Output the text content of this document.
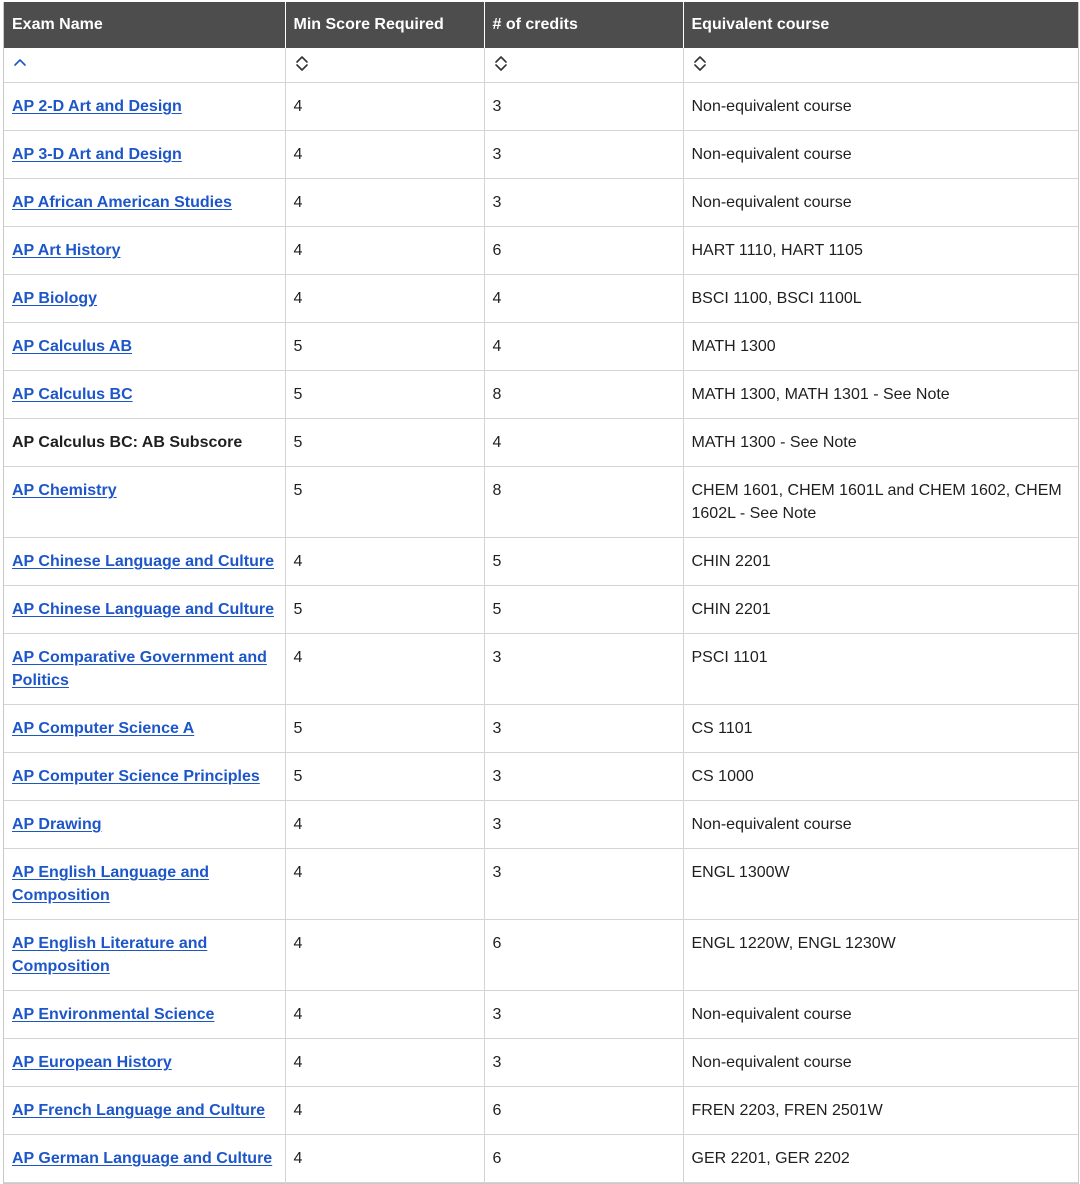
Exam Name	Min Score Required	# of credits	Equivalent course

AP 2-D Art and Design	4	3	Non-equivalent course
AP 3-D Art and Design	4	3	Non-equivalent course
AP African American Studies	4	3	Non-equivalent course
AP Art History	4	6	HART 1110, HART 1105
AP Biology	4	4	BSCI 1100, BSCI 1100L
AP Calculus AB	5	4	MATH 1300
AP Calculus BC	5	8	MATH 1300, MATH 1301 - See Note
AP Calculus BC: AB Subscore	5	4	MATH 1300 - See Note
AP Chemistry	5	8	CHEM 1601, CHEM 1601L and CHEM 1602, CHEM 1602L - See Note
AP Chinese Language and Culture	4	5	CHIN 2201
AP Chinese Language and Culture	5	5	CHIN 2201
AP Comparative Government and Politics	4	3	PSCI 1101
AP Computer Science A	5	3	CS 1101
AP Computer Science Principles	5	3	CS 1000
AP Drawing	4	3	Non-equivalent course
AP English Language and Composition	4	3	ENGL 1300W
AP English Literature and Composition	4	6	ENGL 1220W, ENGL 1230W
AP Environmental Science	4	3	Non-equivalent course
AP European History	4	3	Non-equivalent course
AP French Language and Culture	4	6	FREN 2203, FREN 2501W
AP German Language and Culture	4	6	GER 2201, GER 2202
